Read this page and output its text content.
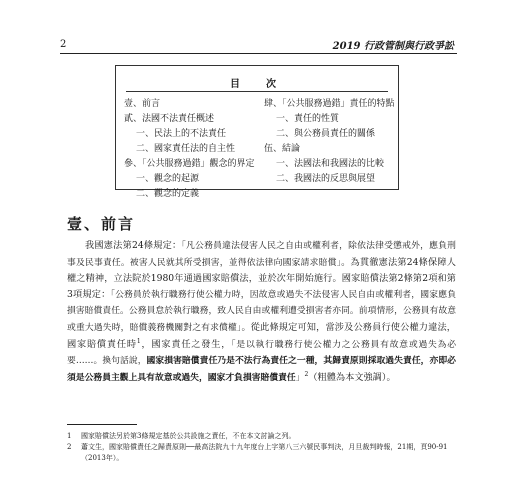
2	2019 行政管制與行政爭訟
目　次
壹、前言
貳、法國不法責任概述
一、民法上的不法責任
二、國家責任法的自主性
參、「公共服務過錯」觀念的界定
一、觀念的起源
二、觀念的定義
肆、「公共服務過錯」責任的特點
一、責任的性質
二、與公務員責任的關係
伍、結論
一、法國法和我國法的比較
二、我國法的反思與展望
壹、前言
我國憲法第24條規定：「凡公務員違法侵害人民之自由或權利者，除依法律受懲戒外，應負刑事及民事責任。被害人民就其所受損害，並得依法律向國家請求賠償」。為貫徹憲法第24條保障人權之精神，立法院於1980年通過國家賠償法，並於次年開始施行。國家賠償法第2條第2項和第3項規定：「公務員於執行職務行使公權力時，因故意或過失不法侵害人民自由或權利者，國家應負損害賠償責任。公務員怠於執行職務，致人民自由或權利遭受損害者亦同。前項情形，公務員有故意或重大過失時，賠償義務機關對之有求償權」。從此條規定可知，當涉及公務員行使公權力違法，國家賠償責任時$^1$，國家責任之發生，「是以執行職務行使公權力之公務員有故意或過失為必要……。換句話說，國家損害賠償責任乃是不法行為責任之一種，其歸責原則採取過失責任，亦即必須是公務員主觀上具有故意或過失，國家才負損害賠償責任」$^2$（粗體為本文強調）。
1	國家賠償法另於第3條規定基於公共設施之責任，不在本文討論之列。
2	蕭文生，國家賠償責任之歸責原則──最高法院九十九年度台上字第八三六號民事判決，月旦裁判時報，21期，頁90-91（2013年）。
